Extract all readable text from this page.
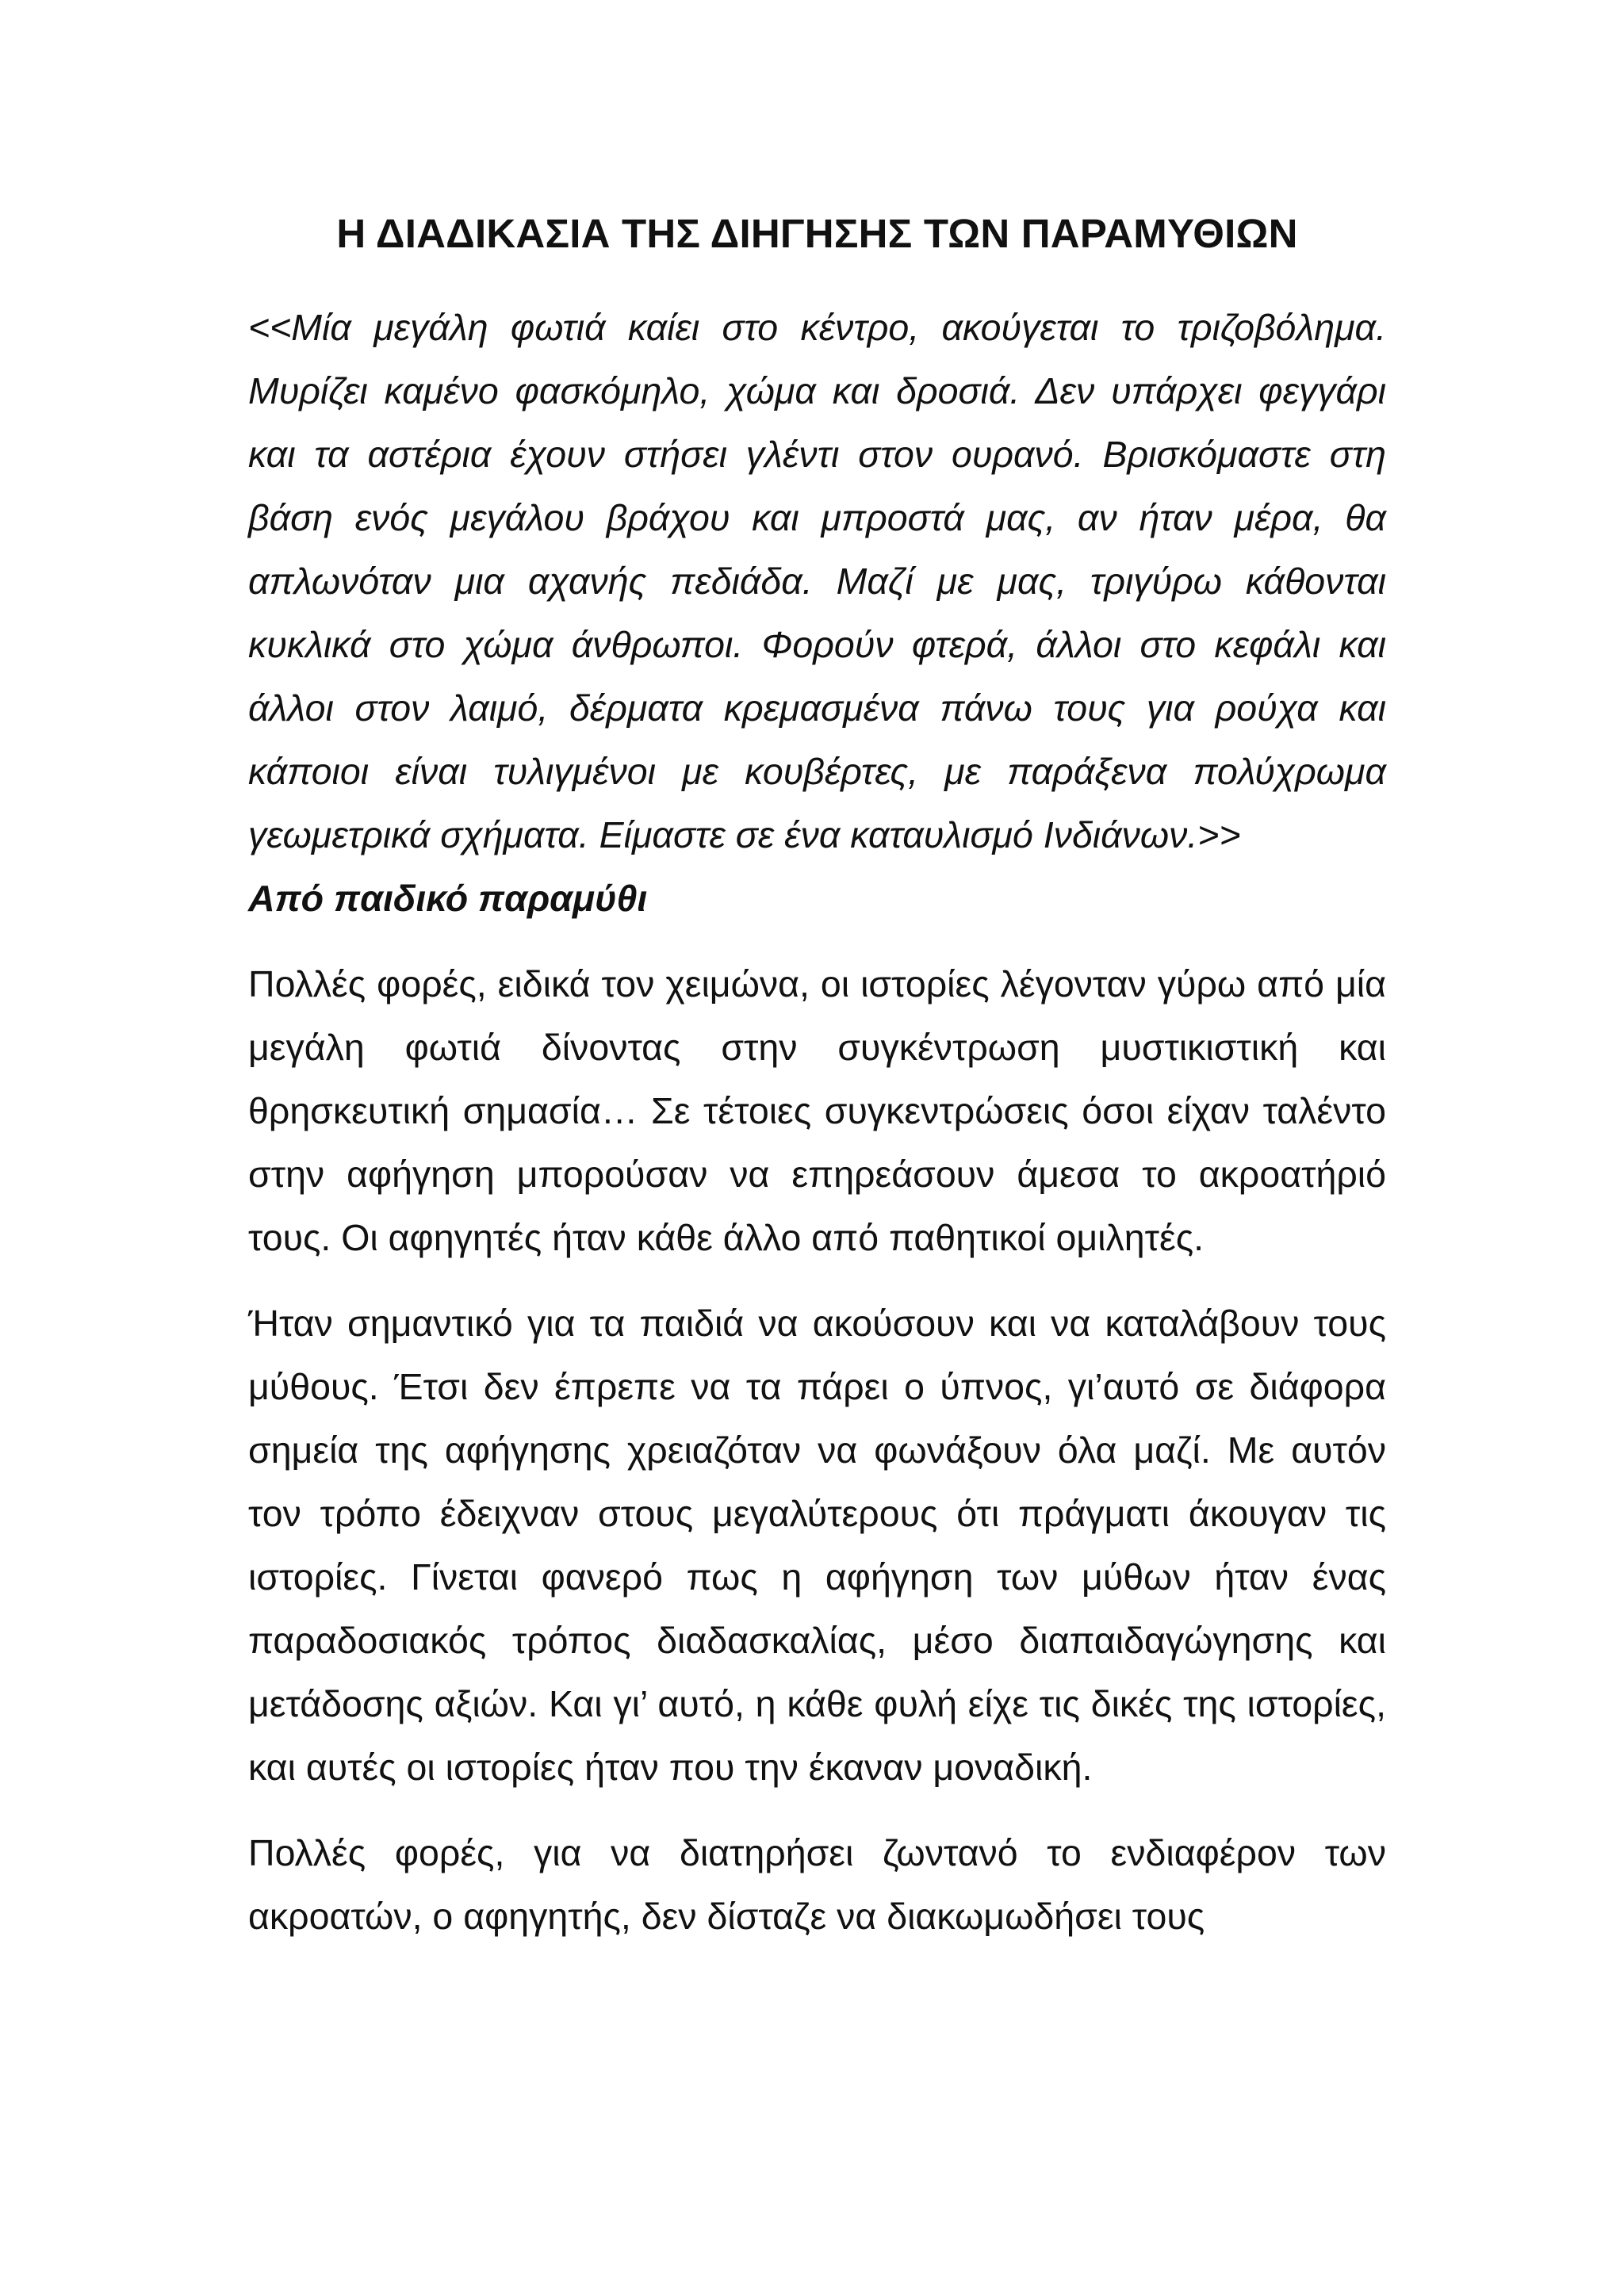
Η ΔΙΑΔΙΚΑΣΙΑ ΤΗΣ ΔΙΗΓΗΣΗΣ ΤΩΝ ΠΑΡΑΜΥΘΙΩΝ

<<Μία μεγάλη φωτιά καίει στο κέντρο, ακούγεται το τριζοβόλημα. Μυρίζει καμένο φασκόμηλο, χώμα και δροσιά. Δεν υπάρχει φεγγάρι και τα αστέρια έχουν στήσει γλέντι στον ουρανό. Βρισκόμαστε στη βάση ενός μεγάλου βράχου και μπροστά μας, αν ήταν μέρα, θα απλωνόταν μια αχανής πεδιάδα. Μαζί με μας, τριγύρω κάθονται κυκλικά στο χώμα άνθρωποι. Φορούν φτερά, άλλοι στο κεφάλι και άλλοι στον λαιμό, δέρματα κρεμασμένα πάνω τους για ρούχα και κάποιοι είναι τυλιγμένοι με κουβέρτες, με παράξενα πολύχρωμα γεωμετρικά σχήματα. Είμαστε σε ένα καταυλισμό Ινδιάνων.>>

Από παιδικό παραμύθι

Πολλές φορές, ειδικά τον χειμώνα, οι ιστορίες λέγονταν γύρω από μία μεγάλη φωτιά δίνοντας στην συγκέντρωση μυστικιστική και θρησκευτική σημασία… Σε τέτοιες συγκεντρώσεις όσοι είχαν ταλέντο στην αφήγηση μπορούσαν να επηρεάσουν άμεσα το ακροατήριό τους. Οι αφηγητές ήταν κάθε άλλο από παθητικοί ομιλητές.

Ήταν σημαντικό για τα παιδιά να ακούσουν και να καταλάβουν τους μύθους. Έτσι δεν έπρεπε να τα πάρει ο ύπνος, γι’αυτό σε διάφορα σημεία της αφήγησης χρειαζόταν να φωνάξουν όλα μαζί. Με αυτόν τον τρόπο έδειχναν στους μεγαλύτερους ότι πράγματι άκουγαν τις ιστορίες. Γίνεται φανερό πως η αφήγηση των μύθων ήταν ένας παραδοσιακός τρόπος διαδασκαλίας, μέσο διαπαιδαγώγησης και μετάδοσης αξιών. Και γι’ αυτό, η κάθε φυλή είχε τις δικές της ιστορίες, και αυτές οι ιστορίες ήταν που την έκαναν μοναδική.

Πολλές φορές, για να διατηρήσει ζωντανό το ενδιαφέρον των ακροατών, ο αφηγητής, δεν δίσταζε να διακωμωδήσει τους
